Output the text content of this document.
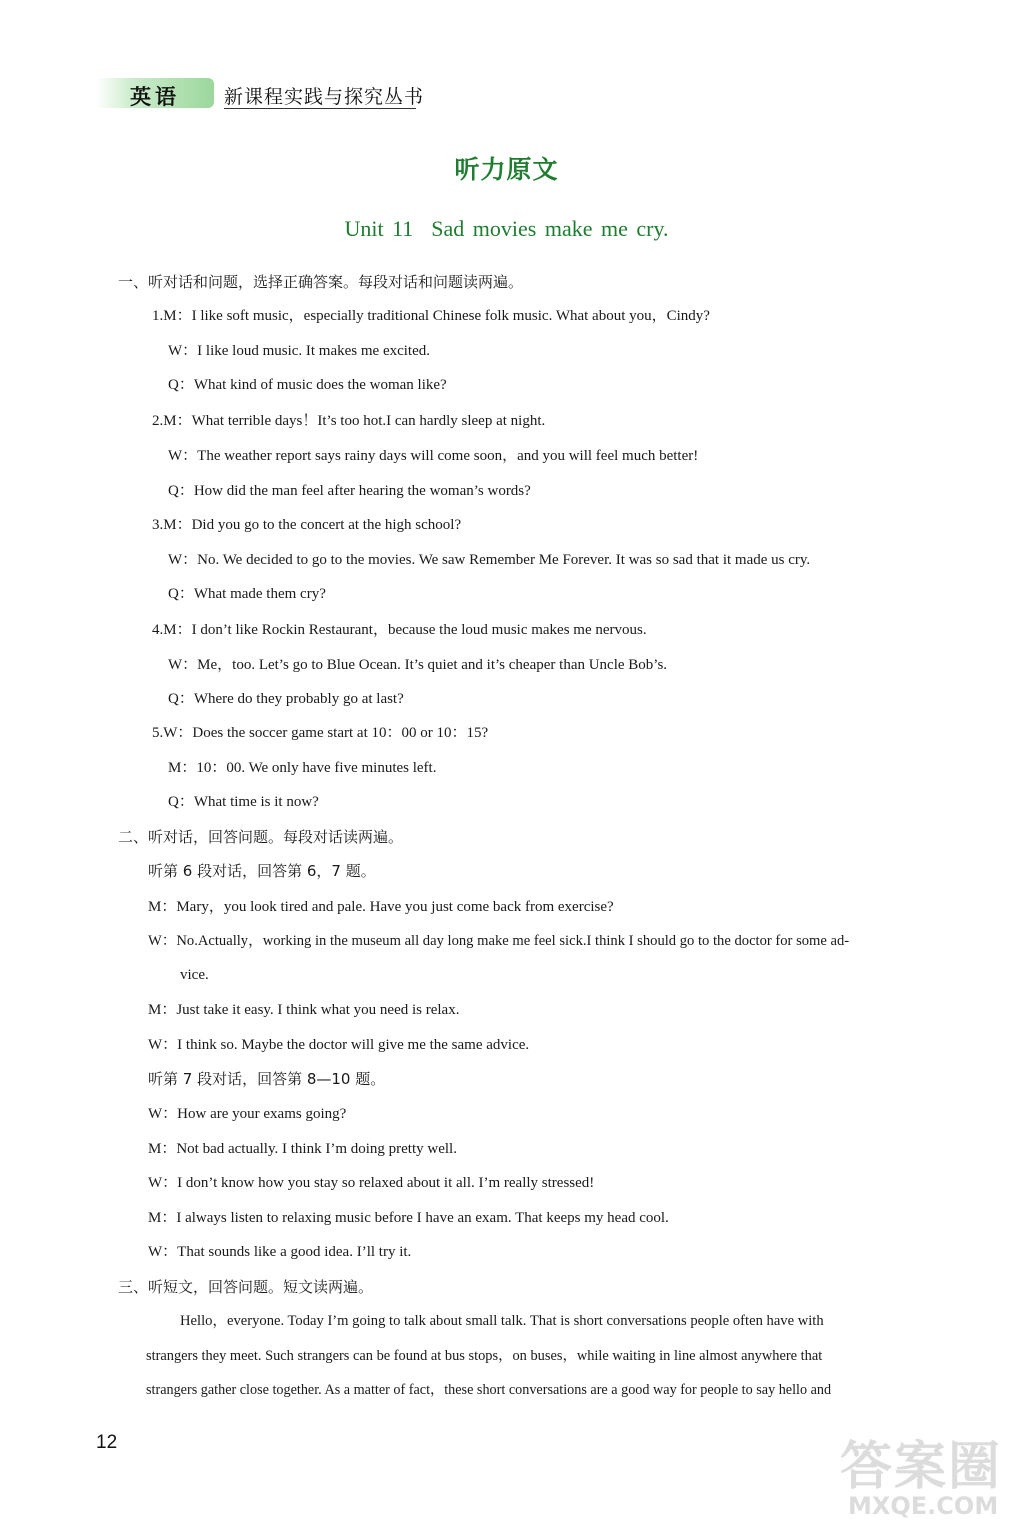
英语 新课程实践与探究丛书
听力原文
Unit 11 Sad movies make me cry.
一、听对话和问题，选择正确答案。每段对话和问题读两遍。
1.M：I like soft music，especially traditional Chinese folk music. What about you，Cindy?
W：I like loud music. It makes me excited.
Q：What kind of music does the woman like?
2.M：What terrible days！It’s too hot.I can hardly sleep at night.
W：The weather report says rainy days will come soon，and you will feel much better!
Q：How did the man feel after hearing the woman’s words?
3.M：Did you go to the concert at the high school?
W：No. We decided to go to the movies. We saw Remember Me Forever. It was so sad that it made us cry.
Q：What made them cry?
4.M：I don’t like Rockin Restaurant，because the loud music makes me nervous.
W：Me，too. Let’s go to Blue Ocean. It’s quiet and it’s cheaper than Uncle Bob’s.
Q：Where do they probably go at last?
5.W：Does the soccer game start at 10：00 or 10：15?
M：10：00. We only have five minutes left.
Q：What time is it now?
二、听对话，回答问题。每段对话读两遍。
听第 6 段对话，回答第 6，7 题。
M：Mary，you look tired and pale. Have you just come back from exercise?
W：No.Actually，working in the museum all day long make me feel sick.I think I should go to the doctor for some ad-
vice.
M：Just take it easy. I think what you need is relax.
W：I think so. Maybe the doctor will give me the same advice.
听第 7 段对话，回答第 8—10 题。
W：How are your exams going?
M：Not bad actually. I think I’m doing pretty well.
W：I don’t know how you stay so relaxed about it all. I’m really stressed!
M：I always listen to relaxing music before I have an exam. That keeps my head cool.
W：That sounds like a good idea. I’ll try it.
三、听短文，回答问题。短文读两遍。
Hello，everyone. Today I’m going to talk about small talk. That is short conversations people often have with
strangers they meet. Such strangers can be found at bus stops，on buses，while waiting in line almost anywhere that
strangers gather close together. As a matter of fact，these short conversations are a good way for people to say hello and
12	答案圈
MXQE.COM
